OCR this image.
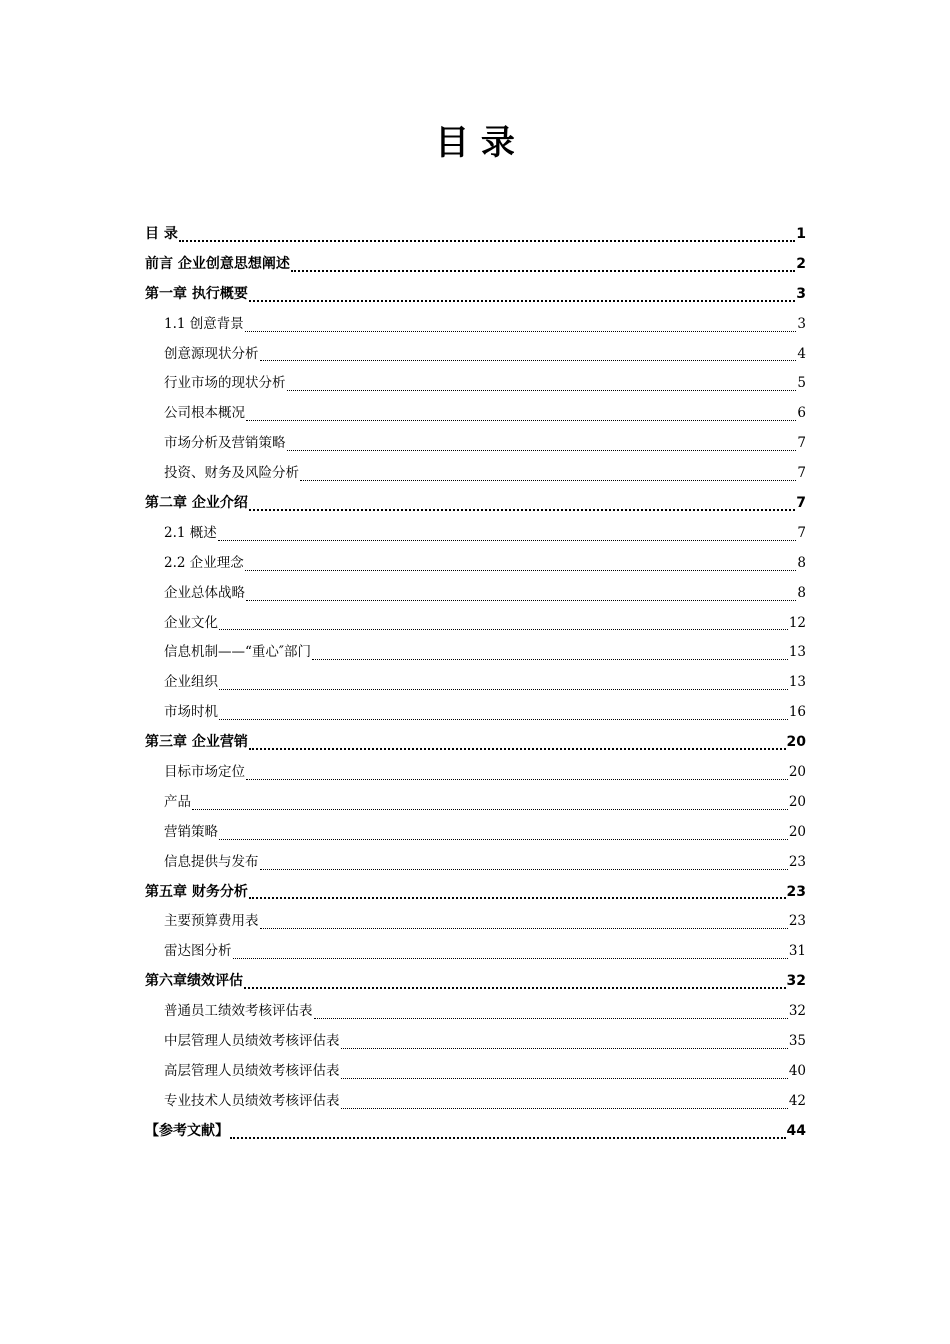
目 录
目 录	1
前言 企业创意思想阐述	2
第一章 执行概要	3
1.1 创意背景	3
创意源现状分析	4
行业市场的现状分析	5
公司根本概况	6
市场分析及营销策略	7
投资、财务及风险分析	7
第二章 企业介绍	7
2.1 概述	7
2.2 企业理念	8
企业总体战略	8
企业文化	12
信息机制——“重心″部门	13
企业组织	13
市场时机	16
第三章 企业营销	20
目标市场定位	20
产品	20
营销策略	20
信息提供与发布	23
第五章 财务分析	23
主要预算费用表	23
雷达图分析	31
第六章绩效评估	32
普通员工绩效考核评估表	32
中层管理人员绩效考核评估表	35
高层管理人员绩效考核评估表	40
专业技术人员绩效考核评估表	42
【参考文献】	44
